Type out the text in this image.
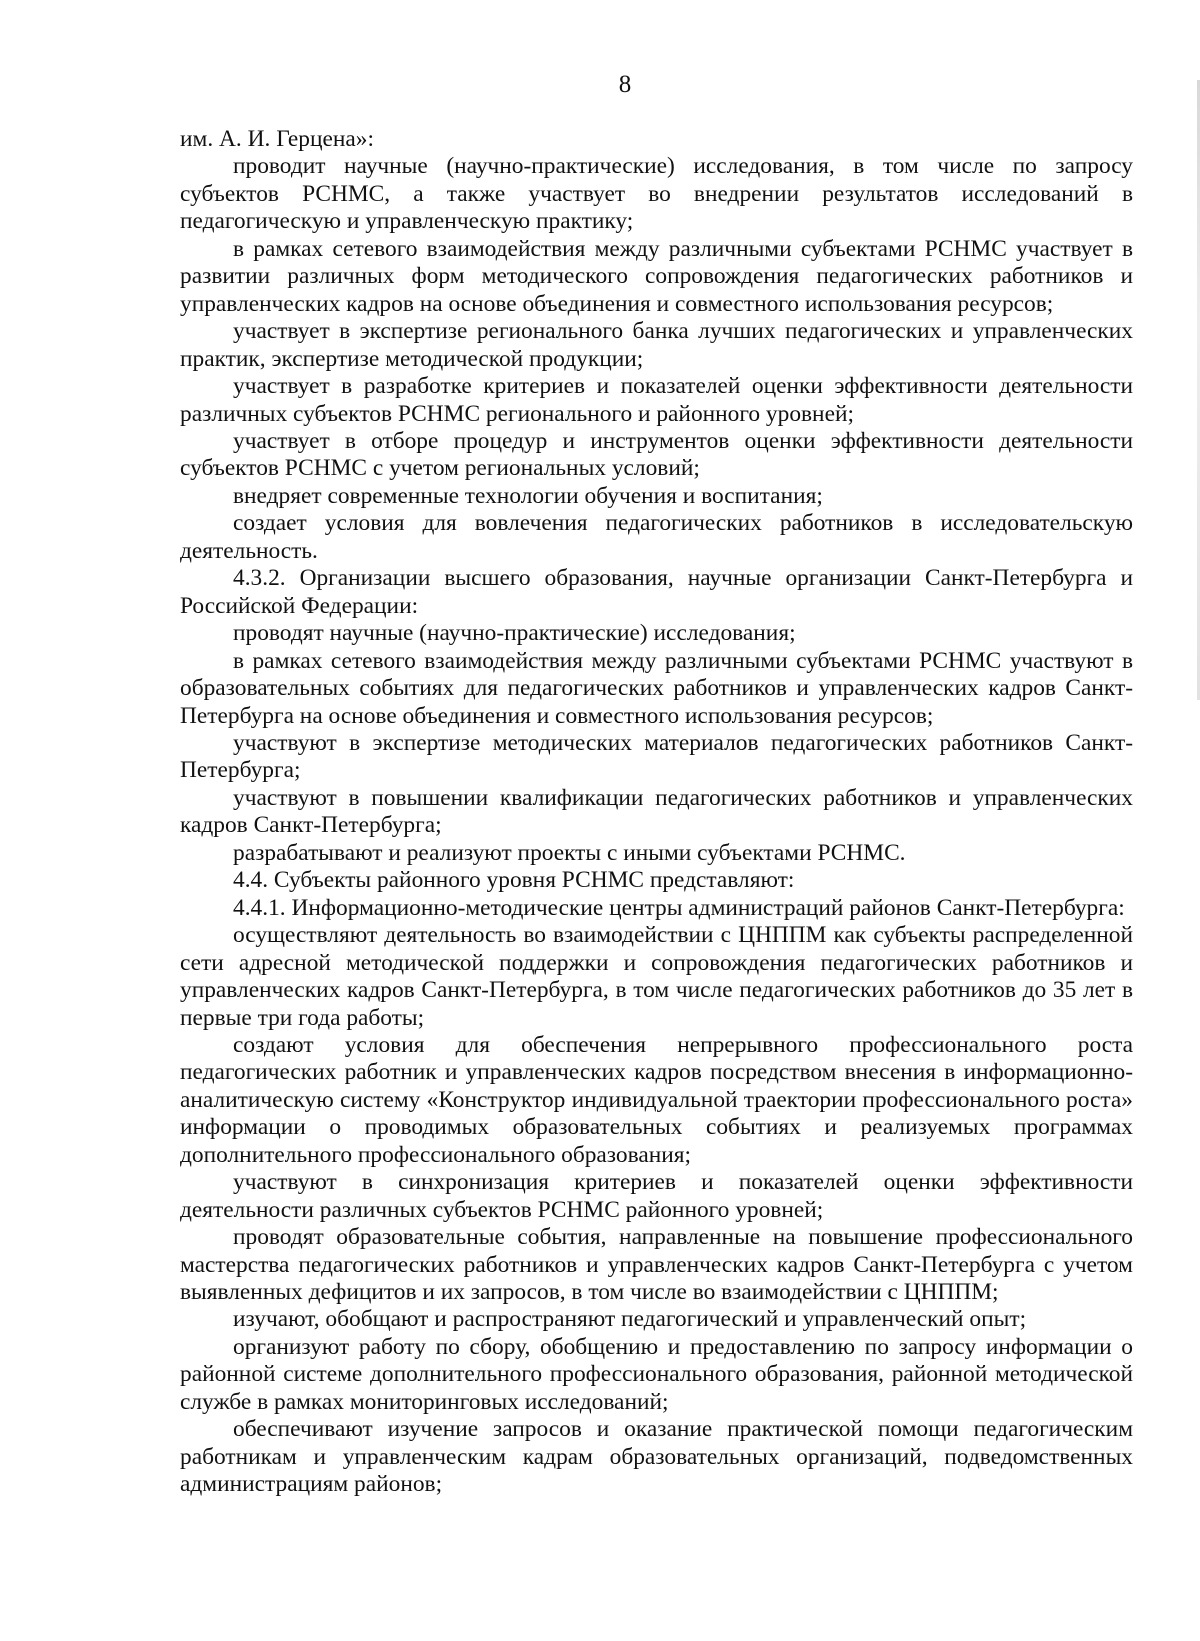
8

им. А. И. Герцена»:

проводит научные (научно-практические) исследования, в том числе по запросу субъектов РСНМС, а также участвует во внедрении результатов исследований в педагогическую и управленческую практику;

в рамках сетевого взаимодействия между различными субъектами РСНМС участвует в развитии различных форм методического сопровождения педагогических работников и управленческих кадров на основе объединения и совместного использования ресурсов;

участвует в экспертизе регионального банка лучших педагогических и управленческих практик, экспертизе методической продукции;

участвует в разработке критериев и показателей оценки эффективности деятельности различных субъектов РСНМС регионального и районного уровней;

участвует в отборе процедур и инструментов оценки эффективности деятельности субъектов РСНМС с учетом региональных условий;

внедряет современные технологии обучения и воспитания;

создает условия для вовлечения педагогических работников в исследовательскую деятельность.

4.3.2. Организации высшего образования, научные организации Санкт-Петербурга и Российской Федерации:

проводят научные (научно-практические) исследования;

в рамках сетевого взаимодействия между различными субъектами РСНМС участвуют в образовательных событиях для педагогических работников и управленческих кадров Санкт-Петербурга на основе объединения и совместного использования ресурсов;

участвуют в экспертизе методических материалов педагогических работников Санкт-Петербурга;

участвуют в повышении квалификации педагогических работников и управленческих кадров Санкт-Петербурга;

разрабатывают и реализуют проекты с иными субъектами РСНМС.

4.4. Субъекты районного уровня РСНМС представляют:

4.4.1. Информационно-методические центры администраций районов Санкт-Петербурга:

осуществляют деятельность во взаимодействии с ЦНППМ как субъекты распределенной сети адресной методической поддержки и сопровождения педагогических работников и управленческих кадров Санкт-Петербурга, в том числе педагогических работников до 35 лет в первые три года работы;

создают условия для обеспечения непрерывного профессионального роста педагогических работник и управленческих кадров посредством внесения в информационно-аналитическую систему «Конструктор индивидуальной траектории профессионального роста» информации о проводимых образовательных событиях и реализуемых программах дополнительного профессионального образования;

участвуют в синхронизация критериев и показателей оценки эффективности деятельности различных субъектов РСНМС районного уровней;

проводят образовательные события, направленные на повышение профессионального мастерства педагогических работников и управленческих кадров Санкт-Петербурга с учетом выявленных дефицитов и их запросов, в том числе во взаимодействии с ЦНППМ;

изучают, обобщают и распространяют педагогический и управленческий опыт;

организуют работу по сбору, обобщению и предоставлению по запросу информации о районной системе дополнительного профессионального образования, районной методической службе в рамках мониторинговых исследований;

обеспечивают изучение запросов и оказание практической помощи педагогическим работникам и управленческим кадрам образовательных организаций, подведомственных администрациям районов;
